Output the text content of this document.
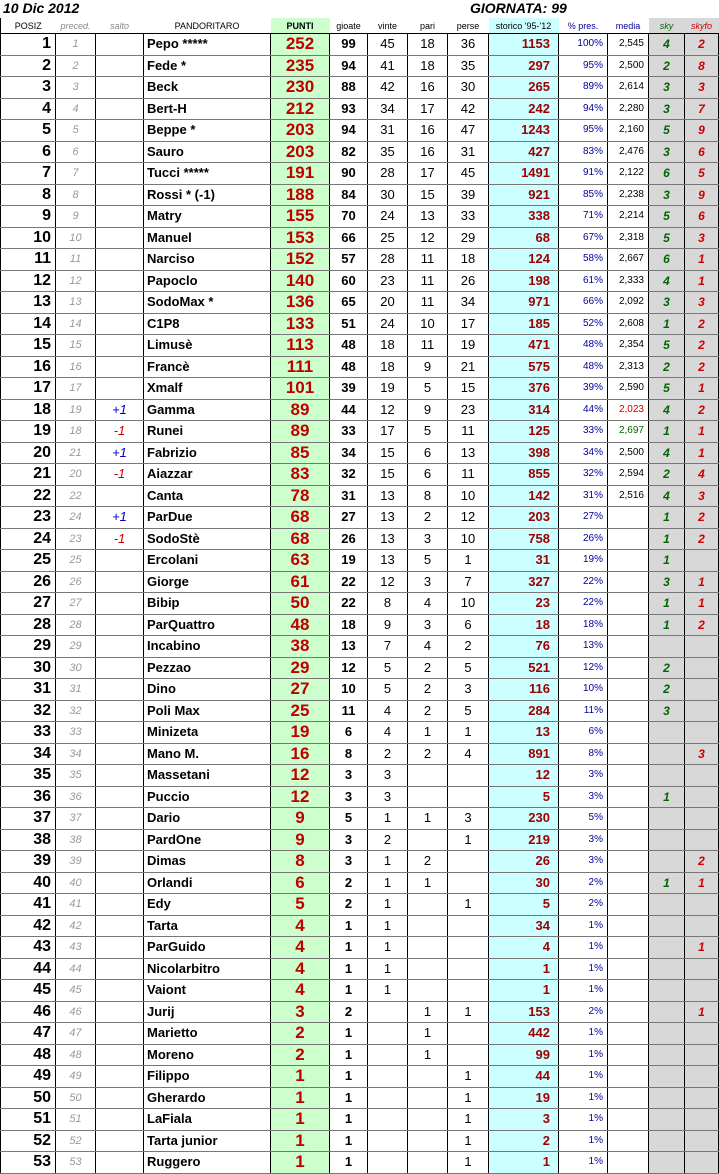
10 Dic 2012	GIORNATA: 99
POSIZ	preced.	salto	PANDORITARO	PUNTI	gioate	vinte	pari	perse	storico '95-'12	% pres.	media	sky	skyfo
1	1		Pepo *****	252	99	45	18	36	1153	100%	2,545	4	2
2	2		Fede *	235	94	41	18	35	297	95%	2,500	2	8
3	3		Beck	230	88	42	16	30	265	89%	2,614	3	3
4	4		Bert-H	212	93	34	17	42	242	94%	2,280	3	7
5	5		Beppe *	203	94	31	16	47	1243	95%	2,160	5	9
6	6		Sauro	203	82	35	16	31	427	83%	2,476	3	6
7	7		Tucci *****	191	90	28	17	45	1491	91%	2,122	6	5
8	8		Rossi * (-1)	188	84	30	15	39	921	85%	2,238	3	9
9	9		Matry	155	70	24	13	33	338	71%	2,214	5	6
10	10		Manuel	153	66	25	12	29	68	67%	2,318	5	3
11	11		Narciso	152	57	28	11	18	124	58%	2,667	6	1
12	12		Papoclo	140	60	23	11	26	198	61%	2,333	4	1
13	13		SodoMax *	136	65	20	11	34	971	66%	2,092	3	3
14	14		C1P8	133	51	24	10	17	185	52%	2,608	1	2
15	15		Limusè	113	48	18	11	19	471	48%	2,354	5	2
16	16		Francè	111	48	18	9	21	575	48%	2,313	2	2
17	17		Xmalf	101	39	19	5	15	376	39%	2,590	5	1
18	19	+1	Gamma	89	44	12	9	23	314	44%	2,023	4	2
19	18	-1	Runei	89	33	17	5	11	125	33%	2,697	1	1
20	21	+1	Fabrizio	85	34	15	6	13	398	34%	2,500	4	1
21	20	-1	Aiazzar	83	32	15	6	11	855	32%	2,594	2	4
22	22		Canta	78	31	13	8	10	142	31%	2,516	4	3
23	24	+1	ParDue	68	27	13	2	12	203	27%		1	2
24	23	-1	SodoStè	68	26	13	3	10	758	26%		1	2
25	25		Ercolani	63	19	13	5	1	31	19%		1	
26	26		Giorge	61	22	12	3	7	327	22%		3	1
27	27		Bibip	50	22	8	4	10	23	22%		1	1
28	28		ParQuattro	48	18	9	3	6	18	18%		1	2
29	29		Incabino	38	13	7	4	2	76	13%			
30	30		Pezzao	29	12	5	2	5	521	12%		2	
31	31		Dino	27	10	5	2	3	116	10%		2	
32	32		Poli Max	25	11	4	2	5	284	11%		3	
33	33		Minizeta	19	6	4	1	1	13	6%			
34	34		Mano M.	16	8	2	2	4	891	8%			3
35	35		Massetani	12	3	3			12	3%			
36	36		Puccio	12	3	3			5	3%		1	
37	37		Dario	9	5	1	1	3	230	5%			
38	38		PardOne	9	3	2		1	219	3%			
39	39		Dimas	8	3	1	2		26	3%			2
40	40		Orlandi	6	2	1	1		30	2%		1	1
41	41		Edy	5	2	1		1	5	2%			
42	42		Tarta	4	1	1			34	1%			
43	43		ParGuido	4	1	1			4	1%			1
44	44		Nicolarbitro	4	1	1			1	1%			
45	45		Vaiont	4	1	1			1	1%			
46	46		Jurij	3	2		1	1	153	2%			1
47	47		Marietto	2	1		1		442	1%			
48	48		Moreno	2	1		1		99	1%			
49	49		Filippo	1	1			1	44	1%			
50	50		Gherardo	1	1			1	19	1%			
51	51		LaFiala	1	1			1	3	1%			
52	52		Tarta junior	1	1			1	2	1%			
53	53		Ruggero	1	1			1	1	1%			
